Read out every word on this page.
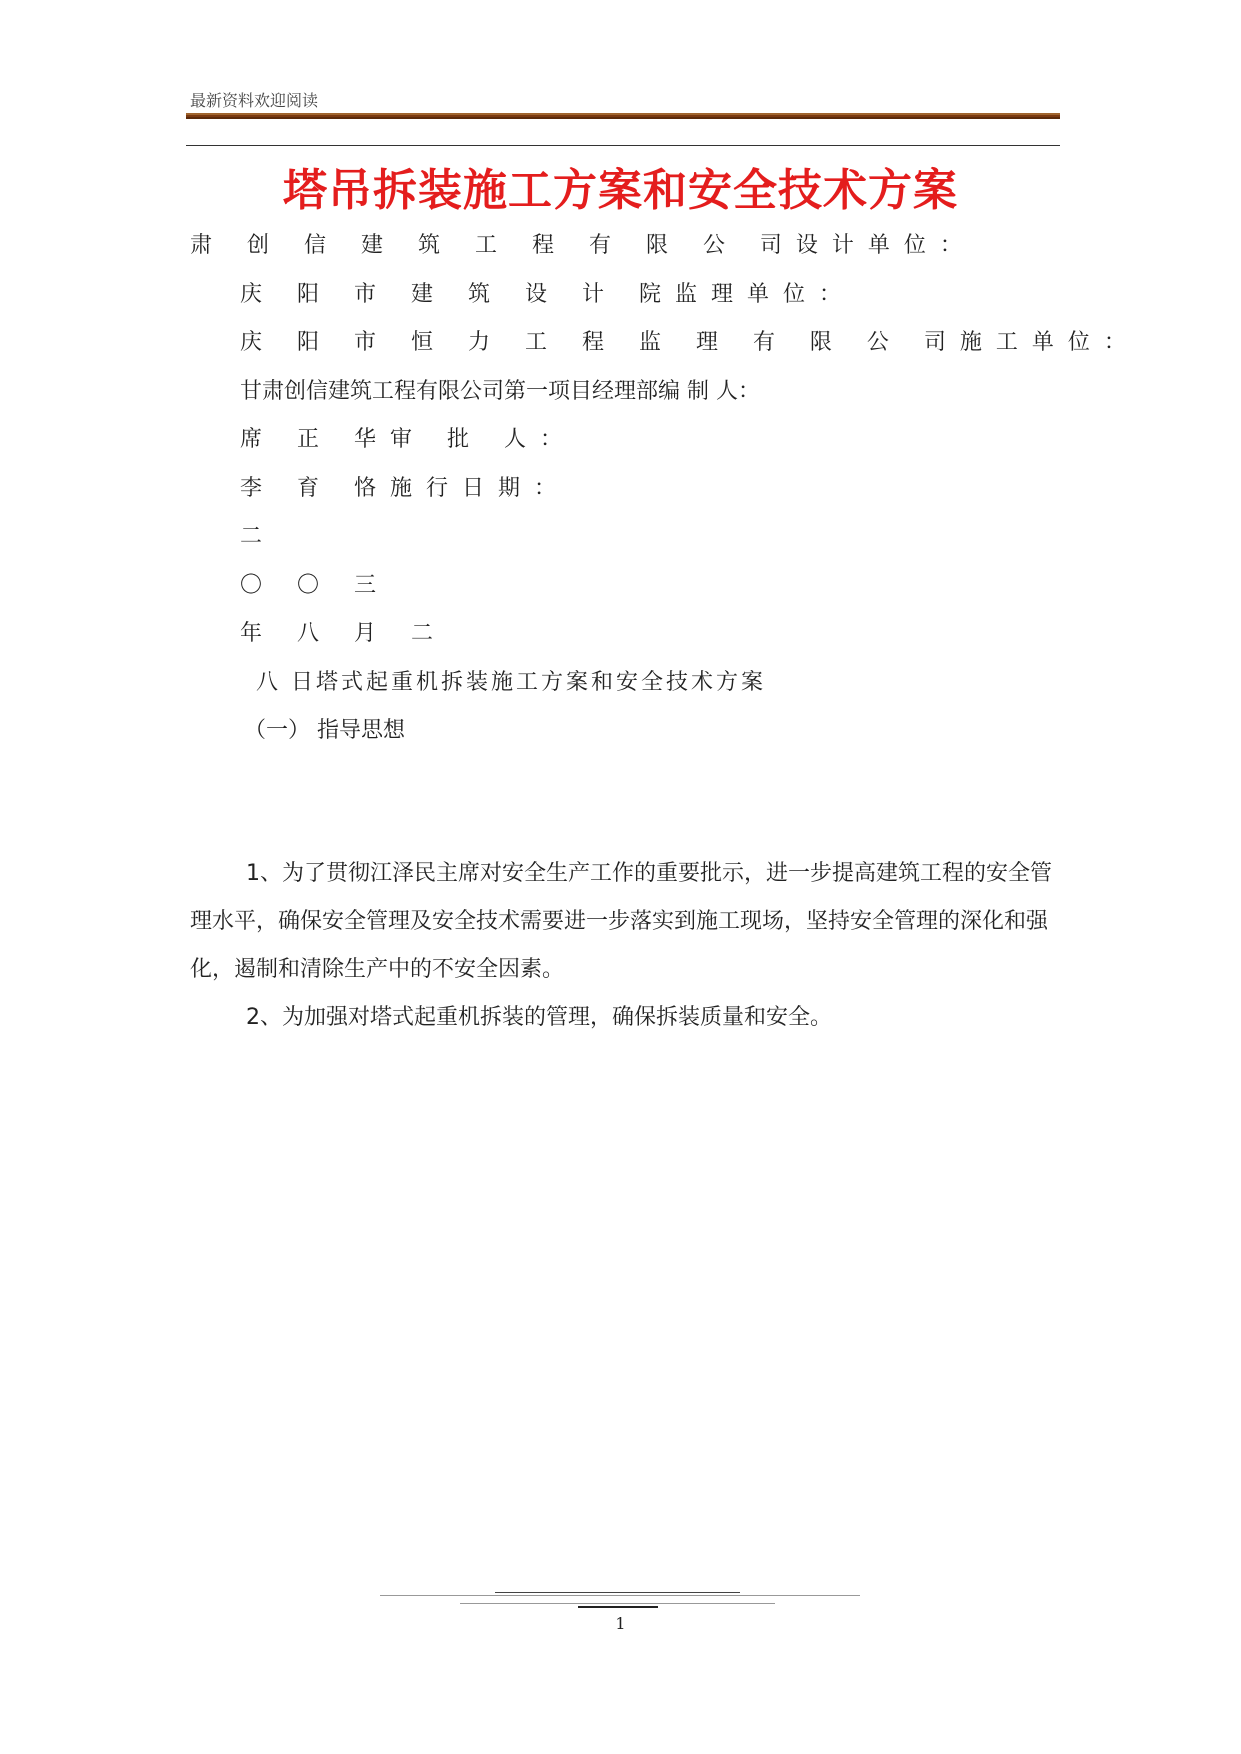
最新资料欢迎阅读
塔吊拆装施工方案和安全技术方案
肃 创 信 建 筑 工 程 有 限 公 司设计单位：
庆 阳 市 建 筑 设 计 院监理单位：
庆 阳 市 恒 力 工 程 监 理 有 限 公 司施工单位：
甘肃创信建筑工程有限公司第一项目经理部编 制 人：
席 正 华审 批 人：
李 育 恪施行日期：
二
〇 〇 三
年 八 月 二
八 日塔式起重机拆装施工方案和安全技术方案
（一） 指导思想
1、为了贯彻江泽民主席对安全生产工作的重要批示，进一步提高建筑工程的安全管理水平，确保安全管理及安全技术需要进一步落实到施工现场，坚持安全管理的深化和强化，遏制和清除生产中的不安全因素。
2、为加强对塔式起重机拆装的管理，确保拆装质量和安全。
1
